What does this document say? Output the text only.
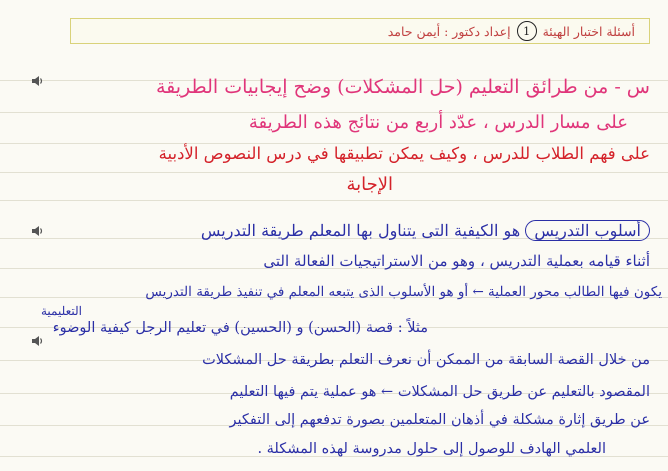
أسئلة اختبار الهيئة
1
إعداد دكتور : أيمن حامد
س - من طرائق التعليم (حل المشكلات) وضح إيجابيات الطريقة
على مسار الدرس ، عدّد أربع من نتائج هذه الطريقة
على فهم الطلاب للدرس ، وكيف يمكن تطبيقها في درس النصوص الأدبية
الإجابة
أسلوب التدريس هو الكيفية التى يتناول بها المعلم طريقة التدريس
أثناء قيامه بعملية التدريس ، وهو من الاستراتيجيات الفعالة التى
يكون فيها الطالب محور العملية ← أو هو الأسلوب الذى يتبعه المعلم في تنفيذ طريقة التدريس
التعليمية
مثلاً : قصة (الحسن) و (الحسين) في تعليم الرجل كيفية الوضوء
من خلال القصة السابقة من الممكن أن نعرف التعلم بطريقة حل المشكلات
المقصود بالتعليم عن طريق حل المشكلات ← هو عملية يتم فيها التعليم
عن طريق إثارة مشكلة في أذهان المتعلمين بصورة تدفعهم إلى التفكير
العلمي الهادف للوصول إلى حلول مدروسة لهذه المشكلة .
